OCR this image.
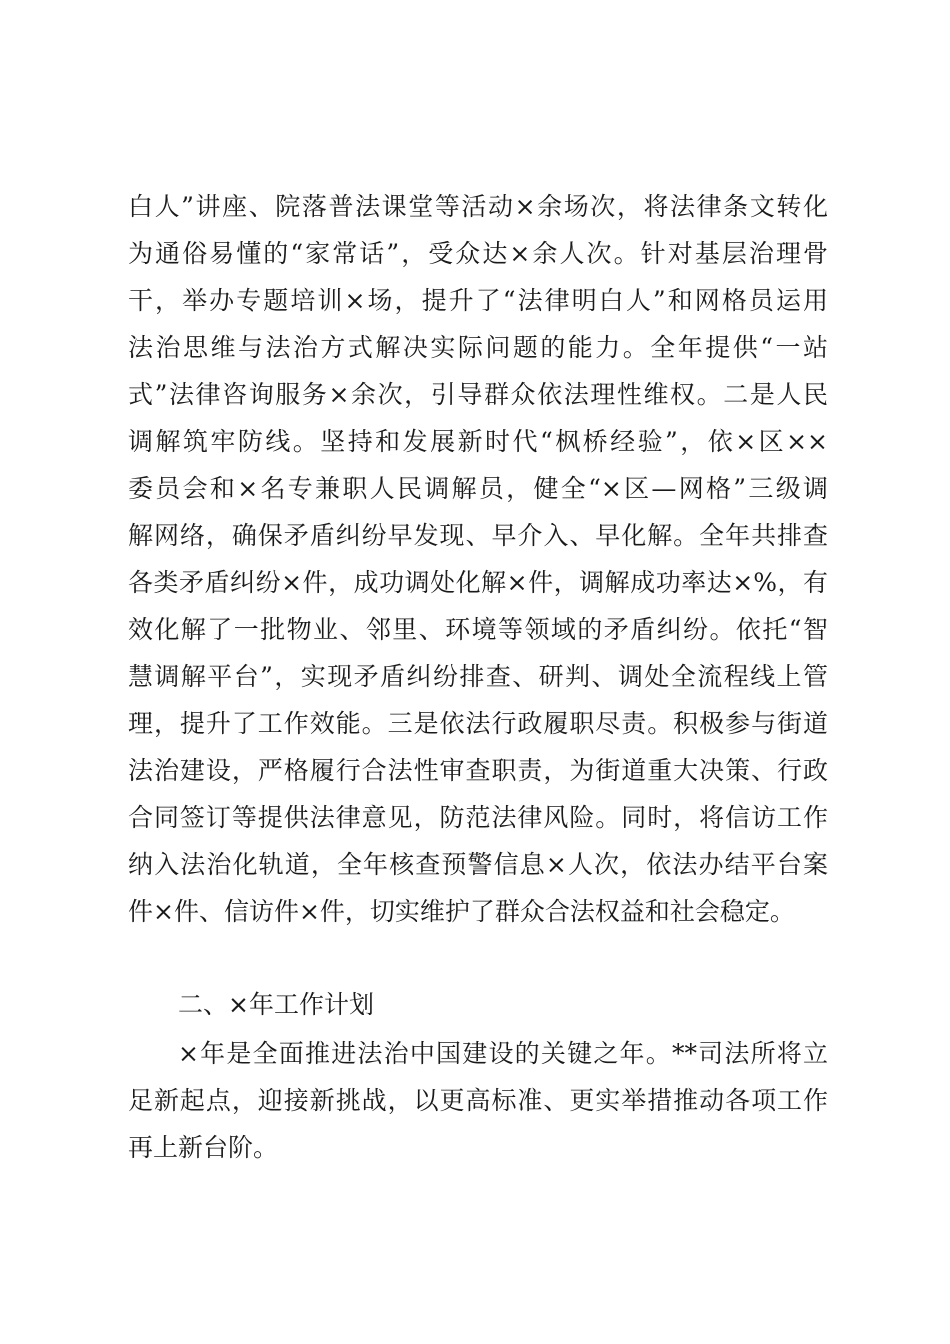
白人”讲座、院落普法课堂等活动×余场次，将法律条文转化
为通俗易懂的“家常话”，受众达×余人次。针对基层治理骨
干，举办专题培训×场，提升了“法律明白人”和网格员运用
法治思维与法治方式解决实际问题的能力。全年提供“一站
式”法律咨询服务×余次，引导群众依法理性维权。二是人民
调解筑牢防线。坚持和发展新时代“枫桥经验”，依×区××
委员会和×名专兼职人民调解员，健全“×区—网格”三级调
解网络，确保矛盾纠纷早发现、早介入、早化解。全年共排查
各类矛盾纠纷×件，成功调处化解×件，调解成功率达×%，有
效化解了一批物业、邻里、环境等领域的矛盾纠纷。依托“智
慧调解平台”，实现矛盾纠纷排查、研判、调处全流程线上管
理，提升了工作效能。三是依法行政履职尽责。积极参与街道
法治建设，严格履行合法性审查职责，为街道重大决策、行政
合同签订等提供法律意见，防范法律风险。同时，将信访工作
纳入法治化轨道，全年核查预警信息×人次，依法办结平台案
件×件、信访件×件，切实维护了群众合法权益和社会稳定。
二、×年工作计划
×年是全面推进法治中国建设的关键之年。**司法所将立
足新起点，迎接新挑战，以更高标准、更实举措推动各项工作
再上新台阶。
